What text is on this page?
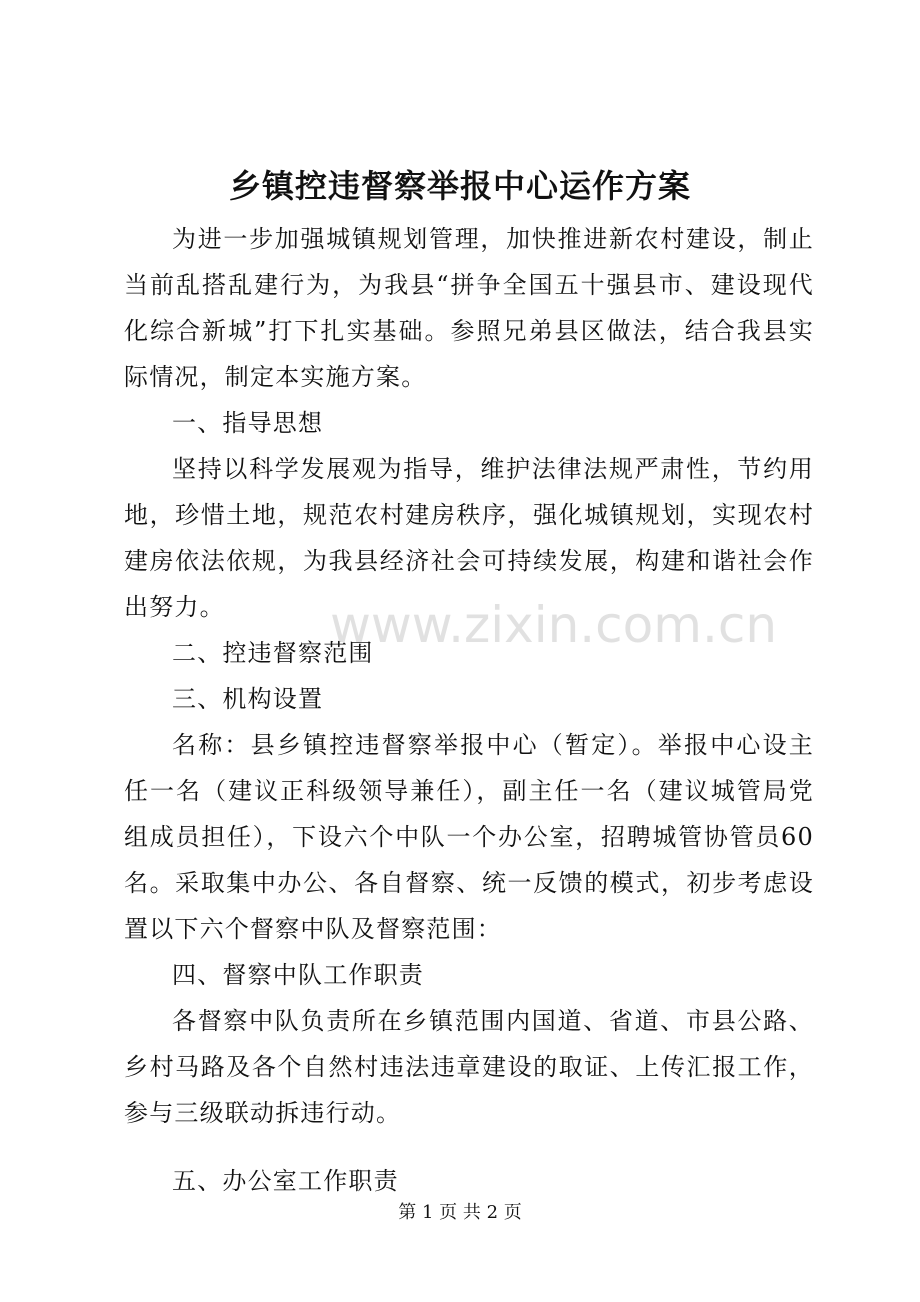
乡镇控违督察举报中心运作方案

为进一步加强城镇规划管理，加快推进新农村建设，制止当前乱搭乱建行为，为我县“拼争全国五十强县市、建设现代化综合新城”打下扎实基础。参照兄弟县区做法，结合我县实际情况，制定本实施方案。

一、指导思想

坚持以科学发展观为指导，维护法律法规严肃性，节约用地，珍惜土地，规范农村建房秩序，强化城镇规划，实现农村建房依法依规，为我县经济社会可持续发展，构建和谐社会作出努力。

二、控违督察范围

三、机构设置

名称：县乡镇控违督察举报中心（暂定）。举报中心设主任一名（建议正科级领导兼任），副主任一名（建议城管局党组成员担任），下设六个中队一个办公室，招聘城管协管员60名。采取集中办公、各自督察、统一反馈的模式，初步考虑设置以下六个督察中队及督察范围：

四、督察中队工作职责

各督察中队负责所在乡镇范围内国道、省道、市县公路、乡村马路及各个自然村违法违章建设的取证、上传汇报工作，参与三级联动拆违行动。

五、办公室工作职责

www.zixin.com.cn
第 1 页 共 2 页
